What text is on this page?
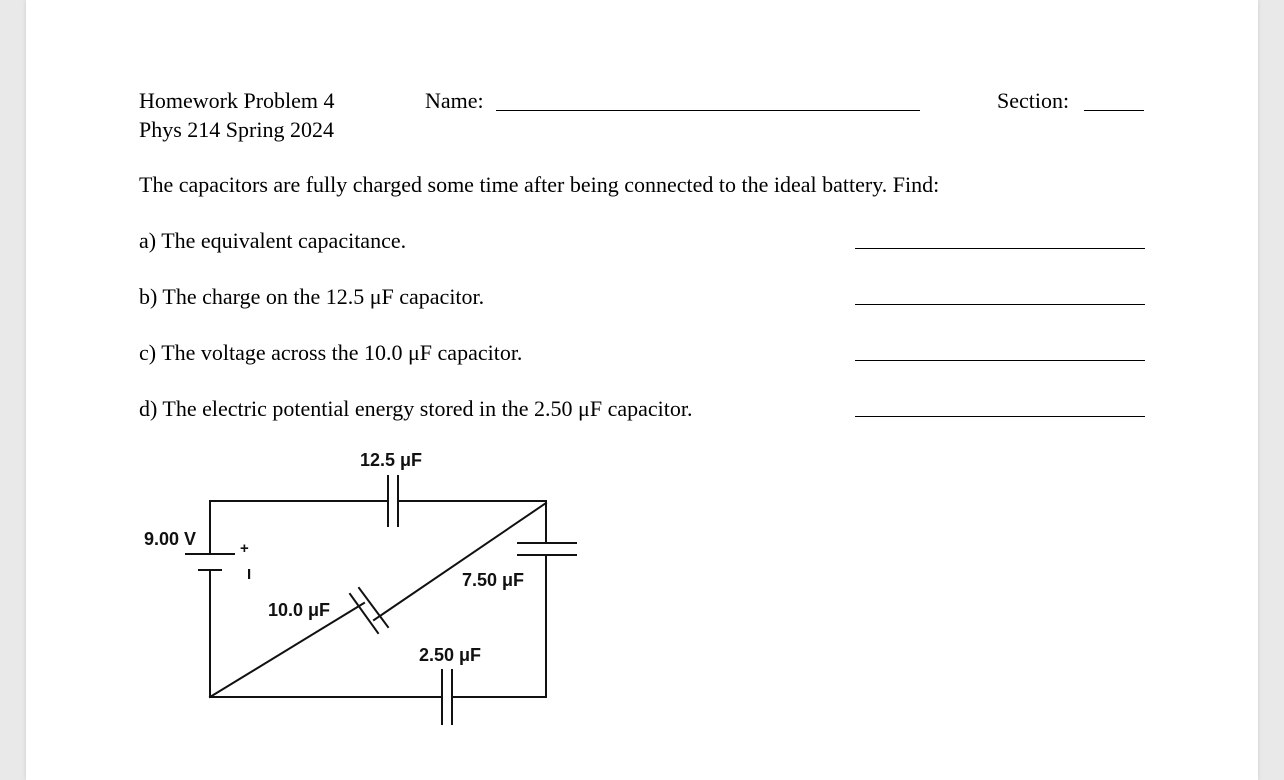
Homework Problem 4
Phys 214 Spring 2024
Name:	Section:
The capacitors are fully charged some time after being connected to the ideal battery. Find:
a) The equivalent capacitance.
b) The charge on the 12.5 μF capacitor.
c) The voltage across the 10.0 μF capacitor.
d) The electric potential energy stored in the 2.50 μF capacitor.
12.5 μF
9.00 V	+
I
10.0 μF
7.50 μF
2.50 μF
